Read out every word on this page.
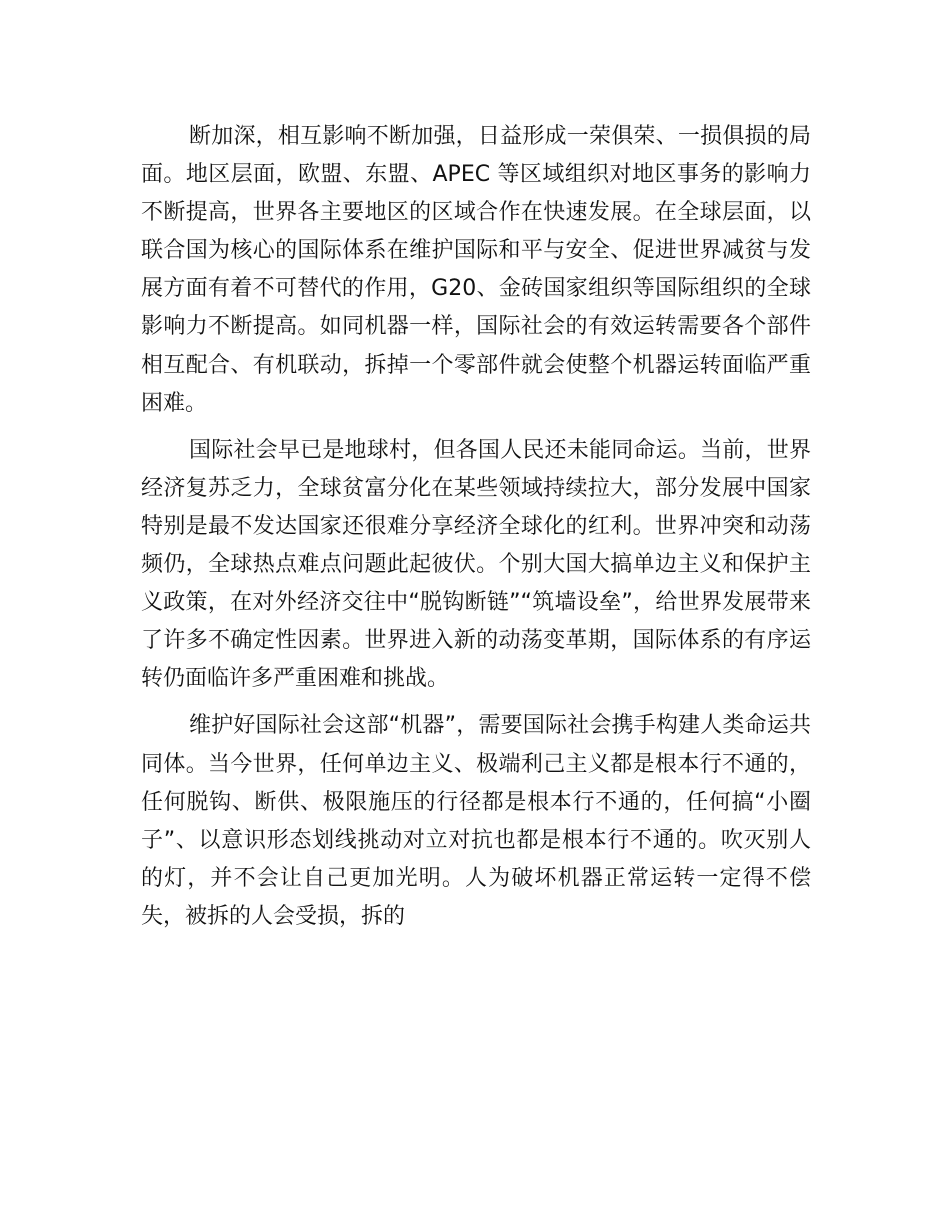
断加深，相互影响不断加强，日益形成一荣俱荣、一损俱损的局面。地区层面，欧盟、东盟、APEC 等区域组织对地区事务的影响力不断提高，世界各主要地区的区域合作在快速发展。在全球层面，以联合国为核心的国际体系在维护国际和平与安全、促进世界减贫与发展方面有着不可替代的作用，G20、金砖国家组织等国际组织的全球影响力不断提高。如同机器一样，国际社会的有效运转需要各个部件相互配合、有机联动，拆掉一个零部件就会使整个机器运转面临严重困难。

国际社会早已是地球村，但各国人民还未能同命运。当前，世界经济复苏乏力，全球贫富分化在某些领域持续拉大，部分发展中国家特别是最不发达国家还很难分享经济全球化的红利。世界冲突和动荡频仍，全球热点难点问题此起彼伏。个别大国大搞单边主义和保护主义政策，在对外经济交往中“脱钩断链”“筑墙设垒”，给世界发展带来了许多不确定性因素。世界进入新的动荡变革期，国际体系的有序运转仍面临许多严重困难和挑战。

维护好国际社会这部“机器”，需要国际社会携手构建人类命运共同体。当今世界，任何单边主义、极端利己主义都是根本行不通的，任何脱钩、断供、极限施压的行径都是根本行不通的，任何搞“小圈子”、以意识形态划线挑动对立对抗也都是根本行不通的。吹灭别人的灯，并不会让自己更加光明。人为破坏机器正常运转一定得不偿失，被拆的人会受损，拆的
